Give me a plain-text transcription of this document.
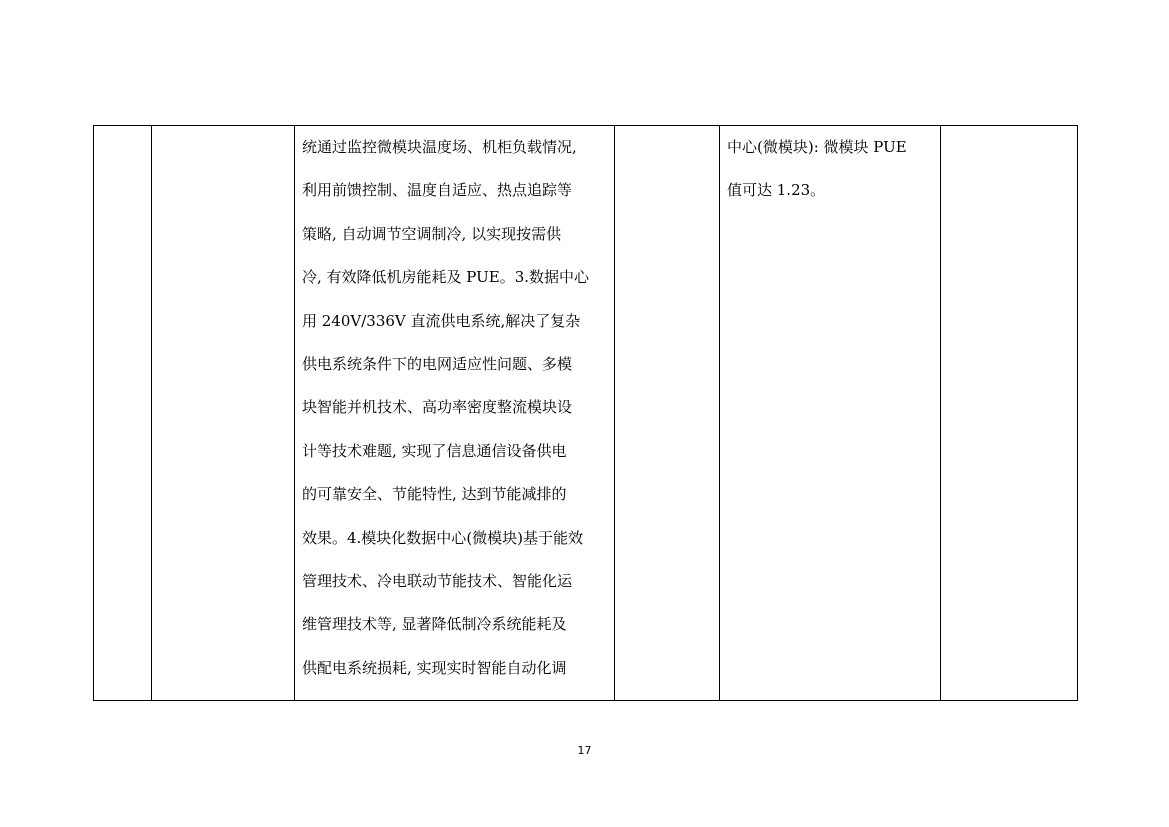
统通过监控微模块温度场、机柜负载情况,
利用前馈控制、温度自适应、热点追踪等
策略, 自动调节空调制冷, 以实现按需供
冷, 有效降低机房能耗及 PUE。3.数据中心
用 240V/336V 直流供电系统,解决了复杂
供电系统条件下的电网适应性问题、多模
块智能并机技术、高功率密度整流模块设
计等技术难题, 实现了信息通信设备供电
的可靠安全、节能特性, 达到节能减排的
效果。4.模块化数据中心(微模块)基于能效
管理技术、冷电联动节能技术、智能化运
维管理技术等, 显著降低制冷系统能耗及
供配电系统损耗, 实现实时智能自动化调

中心(微模块): 微模块 PUE
值可达 1.23。

17
